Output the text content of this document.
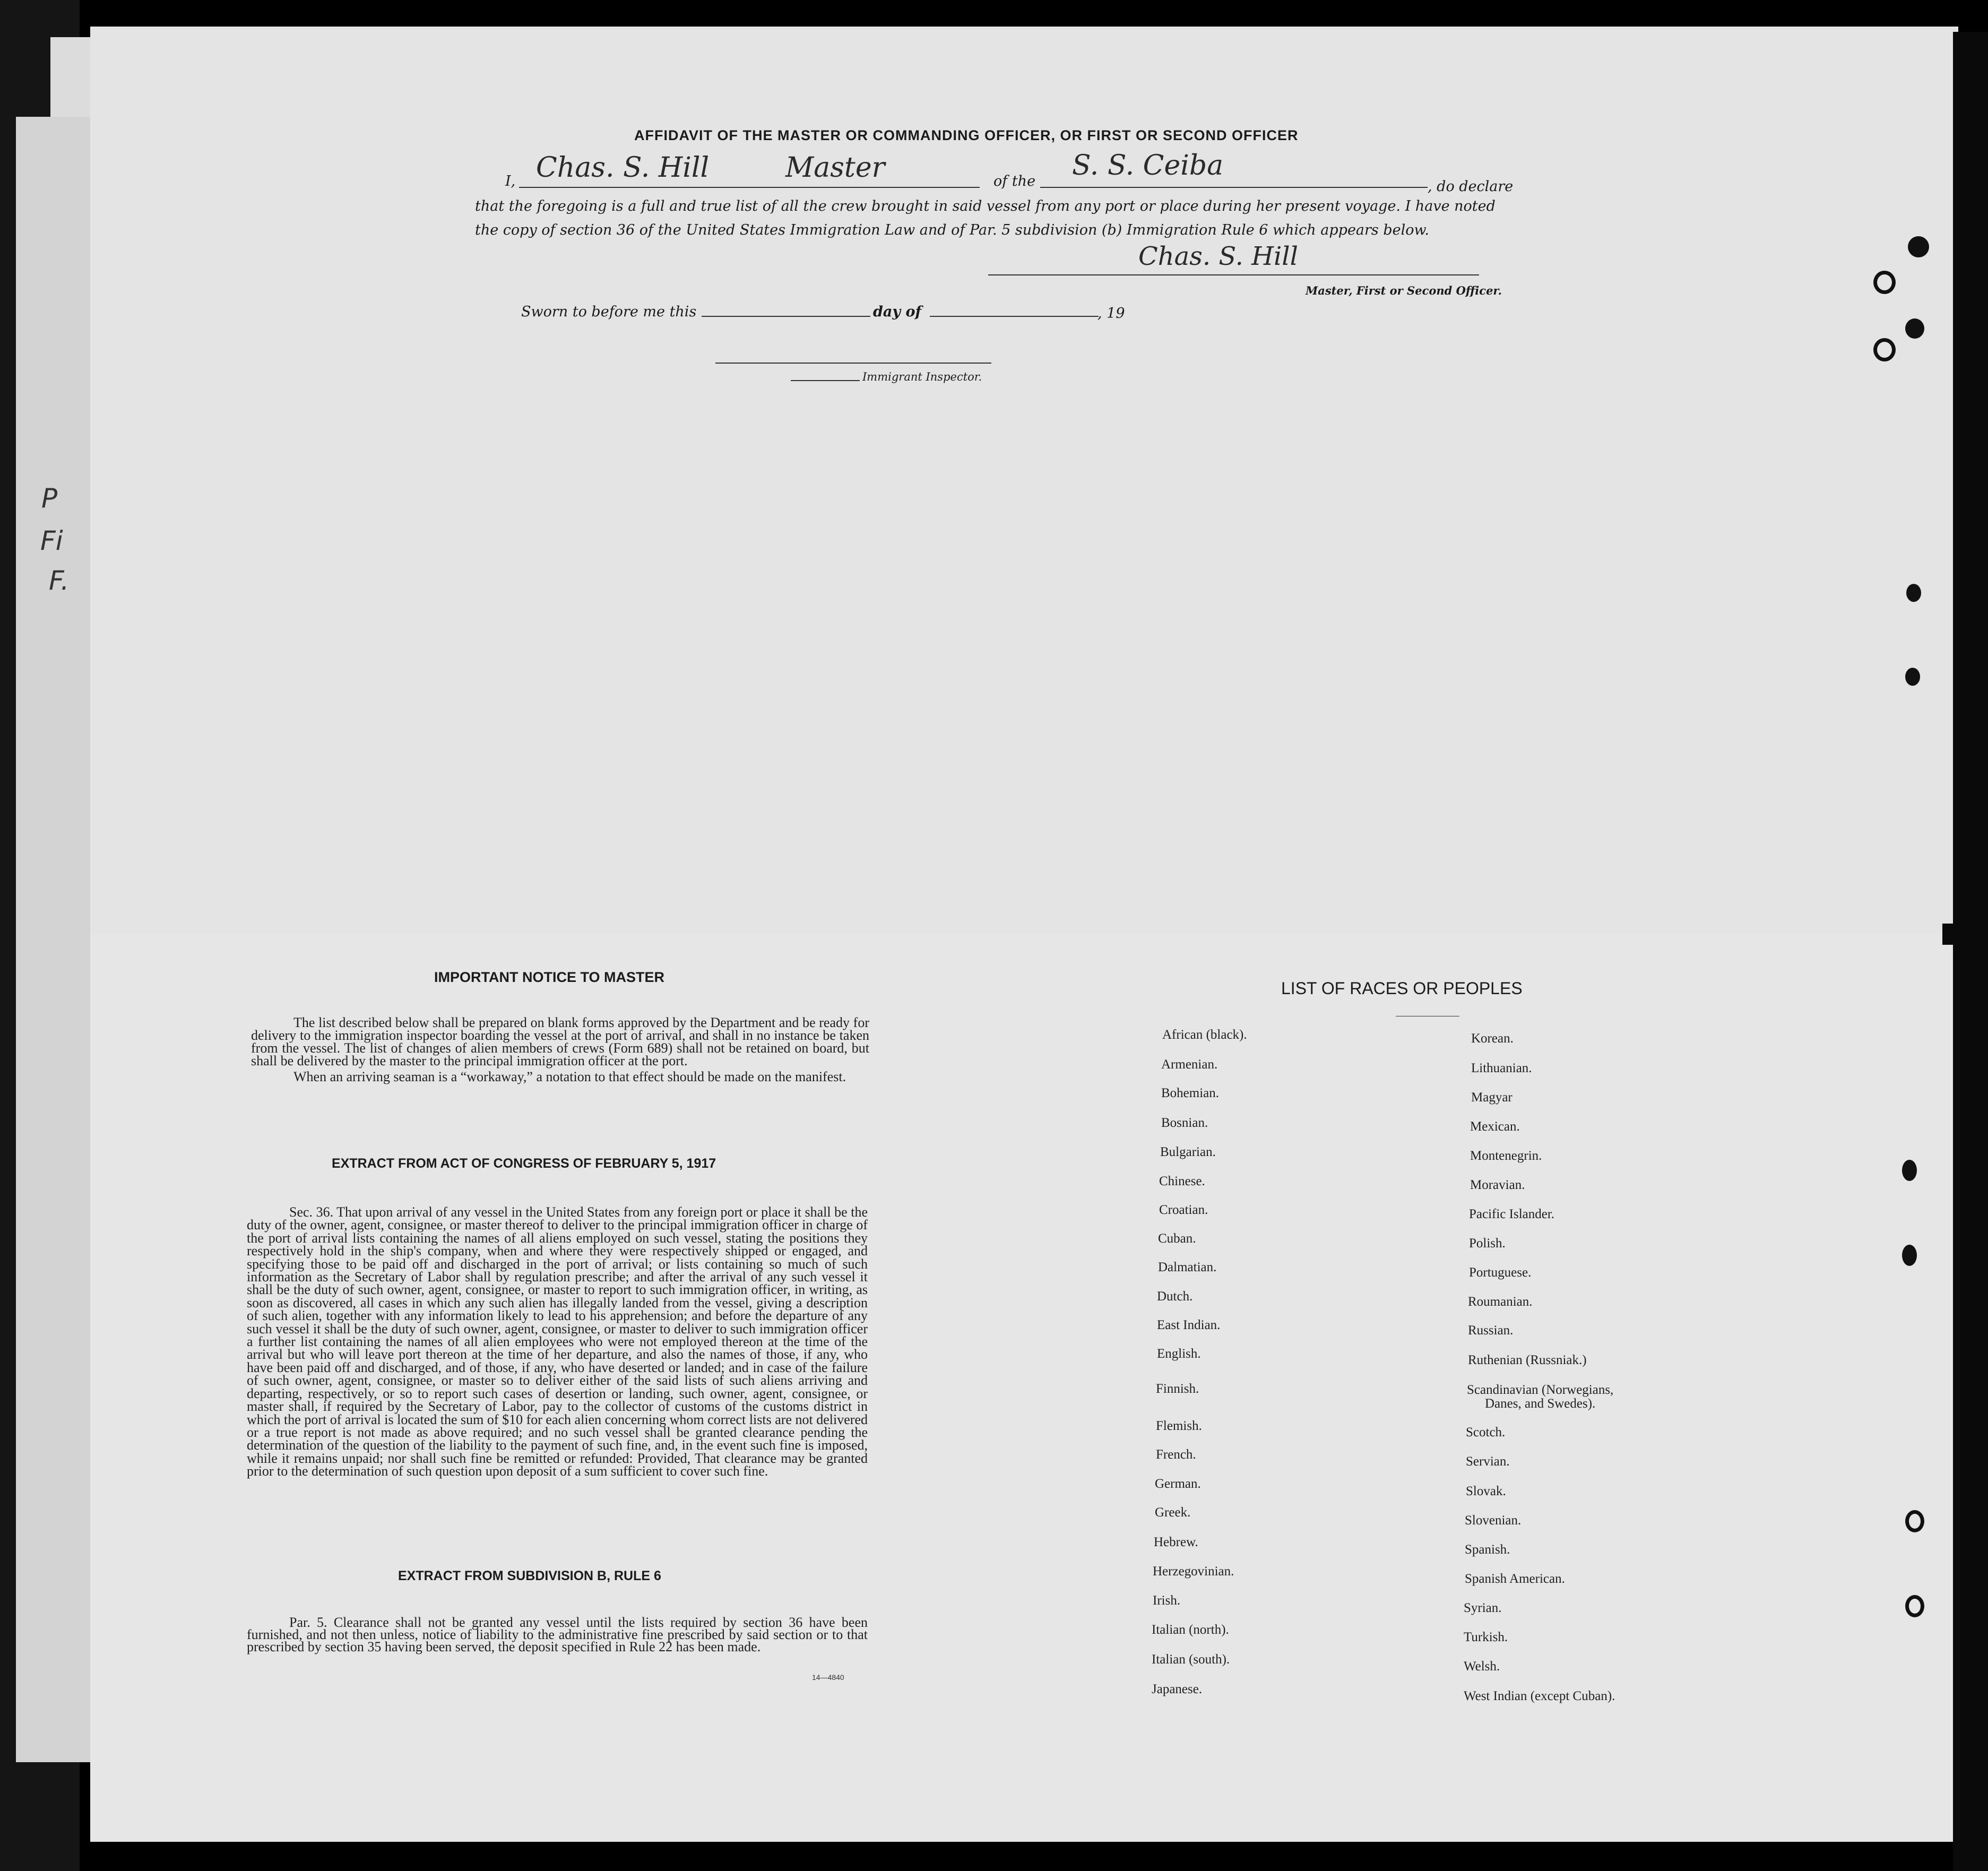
P
Fi
F.
AFFIDAVIT OF THE MASTER OR COMMANDING OFFICER, OR FIRST OR SECOND OFFICER
I, Chas. S. Hill	Master	of the S. S. Ceiba
, do declare
that the foregoing is a full and true list of all the crew brought in said vessel from any port or place during her present voyage. I have noted
the copy of section 36 of the United States Immigration Law and of Par. 5 subdivision (b) Immigration Rule 6 which appears below.
Chas. S. Hill
Master, First or Second Officer.
Sworn to before me this	day of	, 19
Immigrant Inspector.
IMPORTANT NOTICE TO MASTER

The list described below shall be prepared on blank forms approved by the Department and be ready for delivery to the immigration inspector boarding the vessel at the port of arrival, and shall in no instance be taken from the vessel. The list of changes of alien members of crews (Form 689) shall not be retained on board, but shall be delivered by the master to the principal immigration officer at the port.

When an arriving seaman is a “workaway,” a notation to that effect should be made on the manifest.

EXTRACT FROM ACT OF CONGRESS OF FEBRUARY 5, 1917

Sec. 36. That upon arrival of any vessel in the United States from any foreign port or place it shall be the duty of the owner, agent, consignee, or master thereof to deliver to the principal immigration officer in charge of the port of arrival lists containing the names of all aliens employed on such vessel, stating the positions they respectively hold in the ship's company, when and where they were respectively shipped or engaged, and specifying those to be paid off and discharged in the port of arrival; or lists containing so much of such information as the Secretary of Labor shall by regulation prescribe; and after the arrival of any such vessel it shall be the duty of such owner, agent, consignee, or master to report to such immigration officer, in writing, as soon as discovered, all cases in which any such alien has illegally landed from the vessel, giving a description of such alien, together with any information likely to lead to his apprehension; and before the departure of any such vessel it shall be the duty of such owner, agent, consignee, or master to deliver to such immigration officer a further list containing the names of all alien employees who were not employed thereon at the time of the arrival but who will leave port thereon at the time of her departure, and also the names of those, if any, who have been paid off and discharged, and of those, if any, who have deserted or landed; and in case of the failure of such owner, agent, consignee, or master so to deliver either of the said lists of such aliens arriving and departing, respectively, or so to report such cases of desertion or landing, such owner, agent, consignee, or master shall, if required by the Secretary of Labor, pay to the collector of customs of the customs district in which the port of arrival is located the sum of $10 for each alien concerning whom correct lists are not delivered or a true report is not made as above required; and no such vessel shall be granted clearance pending the determination of the question of the liability to the payment of such fine, and, in the event such fine is imposed, while it remains unpaid; nor shall such fine be remitted or refunded: Provided, That clearance may be granted prior to the determination of such question upon deposit of a sum sufficient to cover such fine.

EXTRACT FROM SUBDIVISION B, RULE 6

Par. 5. Clearance shall not be granted any vessel until the lists required by section 36 have been furnished, and not then unless, notice of liability to the administrative fine prescribed by said section or to that prescribed by section 35 having been served, the deposit specified in Rule 22 has been made.

14—4840
LIST OF RACES OR PEOPLES
African (black).
Armenian.
Bohemian.
Bosnian.
Bulgarian.
Chinese.
Croatian.
Cuban.
Dalmatian.
Dutch.
East Indian.
English.
Finnish.
Flemish.
French.
German.
Greek.
Hebrew.
Herzegovinian.
Irish.
Italian (north).
Italian (south).
Japanese.
Korean.
Lithuanian.
Magyar
Mexican.
Montenegrin.
Moravian.
Pacific Islander.
Polish.
Portuguese.
Roumanian.
Russian.
Ruthenian (Russniak.)
Scandinavian (Norwegians,
Danes, and Swedes).
Scotch.
Servian.
Slovak.
Slovenian.
Spanish.
Spanish American.
Syrian.
Turkish.
Welsh.
West Indian (except Cuban).
